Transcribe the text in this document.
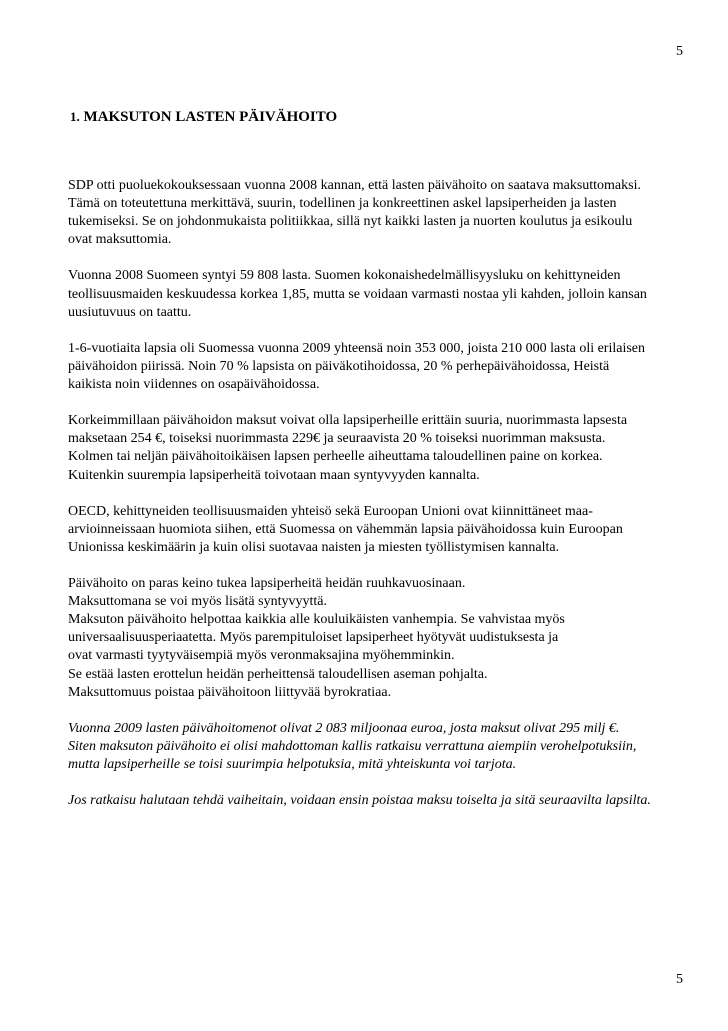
5
1. MAKSUTON LASTEN PÄIVÄHOITO

SDP otti puoluekokouksessaan vuonna 2008 kannan, että lasten päivähoito on saatava maksuttomaksi.
Tämä on toteutettuna merkittävä, suurin, todellinen ja konkreettinen askel lapsiperheiden ja lasten
tukemiseksi. Se on johdonmukaista politiikkaa, sillä nyt kaikki lasten ja nuorten koulutus ja esikoulu
ovat maksuttomia.

Vuonna 2008 Suomeen syntyi 59 808 lasta. Suomen kokonaishedelmällisyysluku on kehittyneiden
teollisuusmaiden keskuudessa korkea 1,85, mutta se voidaan varmasti nostaa yli kahden, jolloin kansan
uusiutuvuus on taattu.

1-6-vuotiaita lapsia oli Suomessa vuonna 2009 yhteensä noin 353 000, joista 210 000 lasta oli erilaisen
päivähoidon piirissä. Noin 70 % lapsista on päiväkotihoidossa, 20 % perhepäivähoidossa, Heistä
kaikista noin viidennes on osapäivähoidossa.

Korkeimmillaan päivähoidon maksut voivat olla lapsiperheille erittäin suuria, nuorimmasta lapsesta
maksetaan 254 €, toiseksi nuorimmasta 229€ ja seuraavista 20 % toiseksi nuorimman maksusta.
Kolmen tai neljän päivähoitoikäisen lapsen perheelle aiheuttama taloudellinen paine on korkea.
Kuitenkin suurempia lapsiperheitä toivotaan maan syntyvyyden kannalta.

OECD, kehittyneiden teollisuusmaiden yhteisö sekä Euroopan Unioni ovat kiinnittäneet maa-
arvioinneissaan huomiota siihen, että Suomessa on vähemmän lapsia päivähoidossa kuin Euroopan
Unionissa keskimäärin ja kuin olisi suotavaa naisten ja miesten työllistymisen kannalta.

Päivähoito on paras keino tukea lapsiperheitä heidän ruuhkavuosinaan.
Maksuttomana se voi myös lisätä syntyvyyttä.
Maksuton päivähoito helpottaa kaikkia alle kouluikäisten vanhempia. Se vahvistaa myös
universaalisuusperiaatetta. Myös parempituloiset lapsiperheet hyötyvät uudistuksesta ja
ovat varmasti tyytyväisempiä myös veronmaksajina myöhemminkin.
Se estää lasten erottelun heidän perheittensä taloudellisen aseman pohjalta.
Maksuttomuus poistaa päivähoitoon liittyvää byrokratiaa.

Vuonna 2009 lasten päivähoitomenot olivat 2 083 miljoonaa euroa, josta maksut olivat 295 milj €.
Siten maksuton päivähoito ei olisi mahdottoman kallis ratkaisu verrattuna aiempiin verohelpotuksiin,
mutta lapsiperheille se toisi suurimpia helpotuksia, mitä yhteiskunta voi tarjota.

Jos ratkaisu halutaan tehdä vaiheitain, voidaan ensin poistaa maksu toiselta ja sitä seuraavilta lapsilta.

5
